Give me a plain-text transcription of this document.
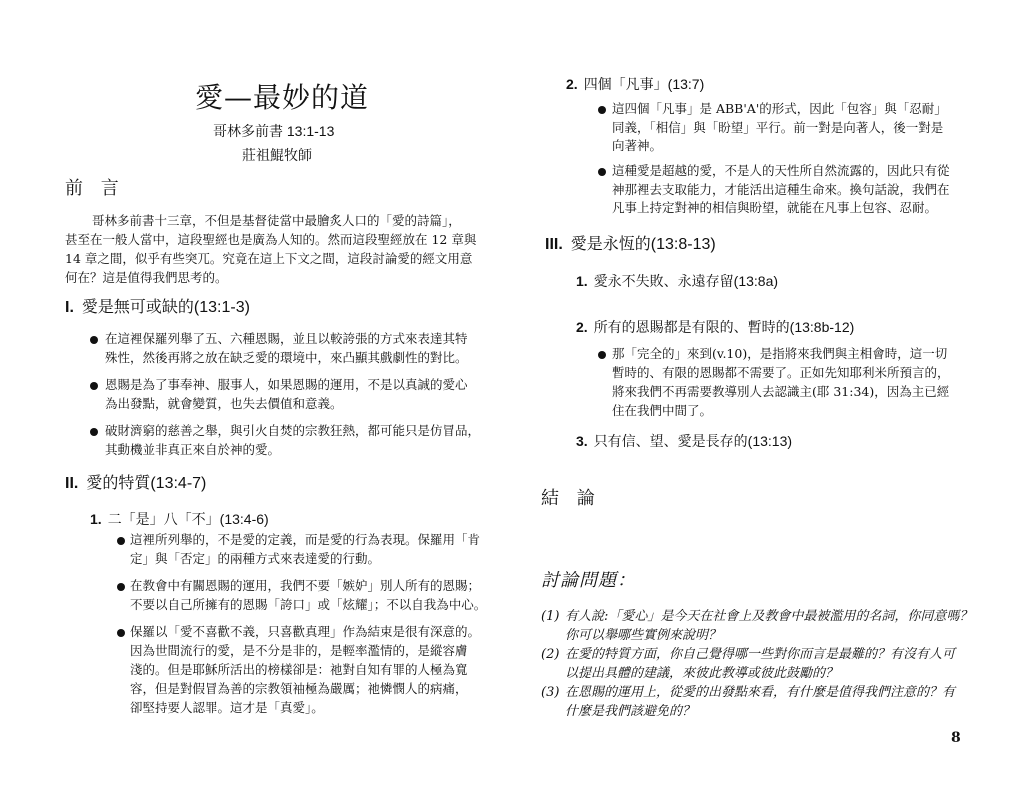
愛—最妙的道
哥林多前書 13:1-13
莊祖鯤牧師
前 言
哥林多前書十三章，不但是基督徒當中最膾炙人口的「愛的詩篇」，
甚至在一般人當中，這段聖經也是廣為人知的。然而這段聖經放在 12 章與
14 章之間，似乎有些突兀。究竟在這上下文之間，這段討論愛的經文用意
何在？這是值得我們思考的。
I. 愛是無可或缺的(13:1-3)
在這裡保羅列舉了五、六種恩賜，並且以較誇張的方式來表達其特
殊性，然後再將之放在缺乏愛的環境中，來凸顯其戲劇性的對比。
恩賜是為了事奉神、服事人，如果恩賜的運用，不是以真誠的愛心
為出發點，就會變質，也失去價值和意義。
破財濟窮的慈善之舉，與引火自焚的宗教狂熱，都可能只是仿冒品，
其動機並非真正來自於神的愛。
II. 愛的特質(13:4-7)
1. 二「是」八「不」(13:4-6)
這裡所列舉的，不是愛的定義，而是愛的行為表現。保羅用「肯
定」與「否定」的兩種方式來表達愛的行動。
在教會中有關恩賜的運用，我們不要「嫉妒」別人所有的恩賜；
不要以自己所擁有的恩賜「誇口」或「炫耀」；不以自我為中心。
保羅以「愛不喜歡不義，只喜歡真理」作為結束是很有深意的。
因為世間流行的愛，是不分是非的，是輕率濫情的，是縱容膚
淺的。但是耶穌所活出的榜樣卻是：祂對自知有罪的人極為寬
容，但是對假冒為善的宗教領袖極為嚴厲；祂憐憫人的病痛，
卻堅持要人認罪。這才是「真愛」。
2. 四個「凡事」(13:7)
這四個「凡事」是 ABB'A'的形式，因此「包容」與「忍耐」
同義，「相信」與「盼望」平行。前一對是向著人，後一對是
向著神。
這種愛是超越的愛，不是人的天性所自然流露的，因此只有從
神那裡去支取能力，才能活出這種生命來。換句話說，我們在
凡事上持定對神的相信與盼望，就能在凡事上包容、忍耐。
III. 愛是永恆的(13:8-13)
1. 愛永不失敗、永遠存留(13:8a)
2. 所有的恩賜都是有限的、暫時的(13:8b-12)
那「完全的」來到(v.10)，是指將來我們與主相會時，這一切
暫時的、有限的恩賜都不需要了。正如先知耶利米所預言的，
將來我們不再需要教導別人去認識主(耶 31:34)，因為主已經
住在我們中間了。
3. 只有信、望、愛是長存的(13:13)
結 論
討論問題：
(1) 有人說:「愛心」是今天在社會上及教會中最被濫用的名詞，你同意嗎？
你可以舉哪些實例來說明？
(2) 在愛的特質方面，你自己覺得哪一些對你而言是最難的？有沒有人可
以提出具體的建議，來彼此教導或彼此鼓勵的？
(3) 在恩賜的運用上，從愛的出發點來看，有什麼是值得我們注意的？有
什麼是我們該避免的？
8
